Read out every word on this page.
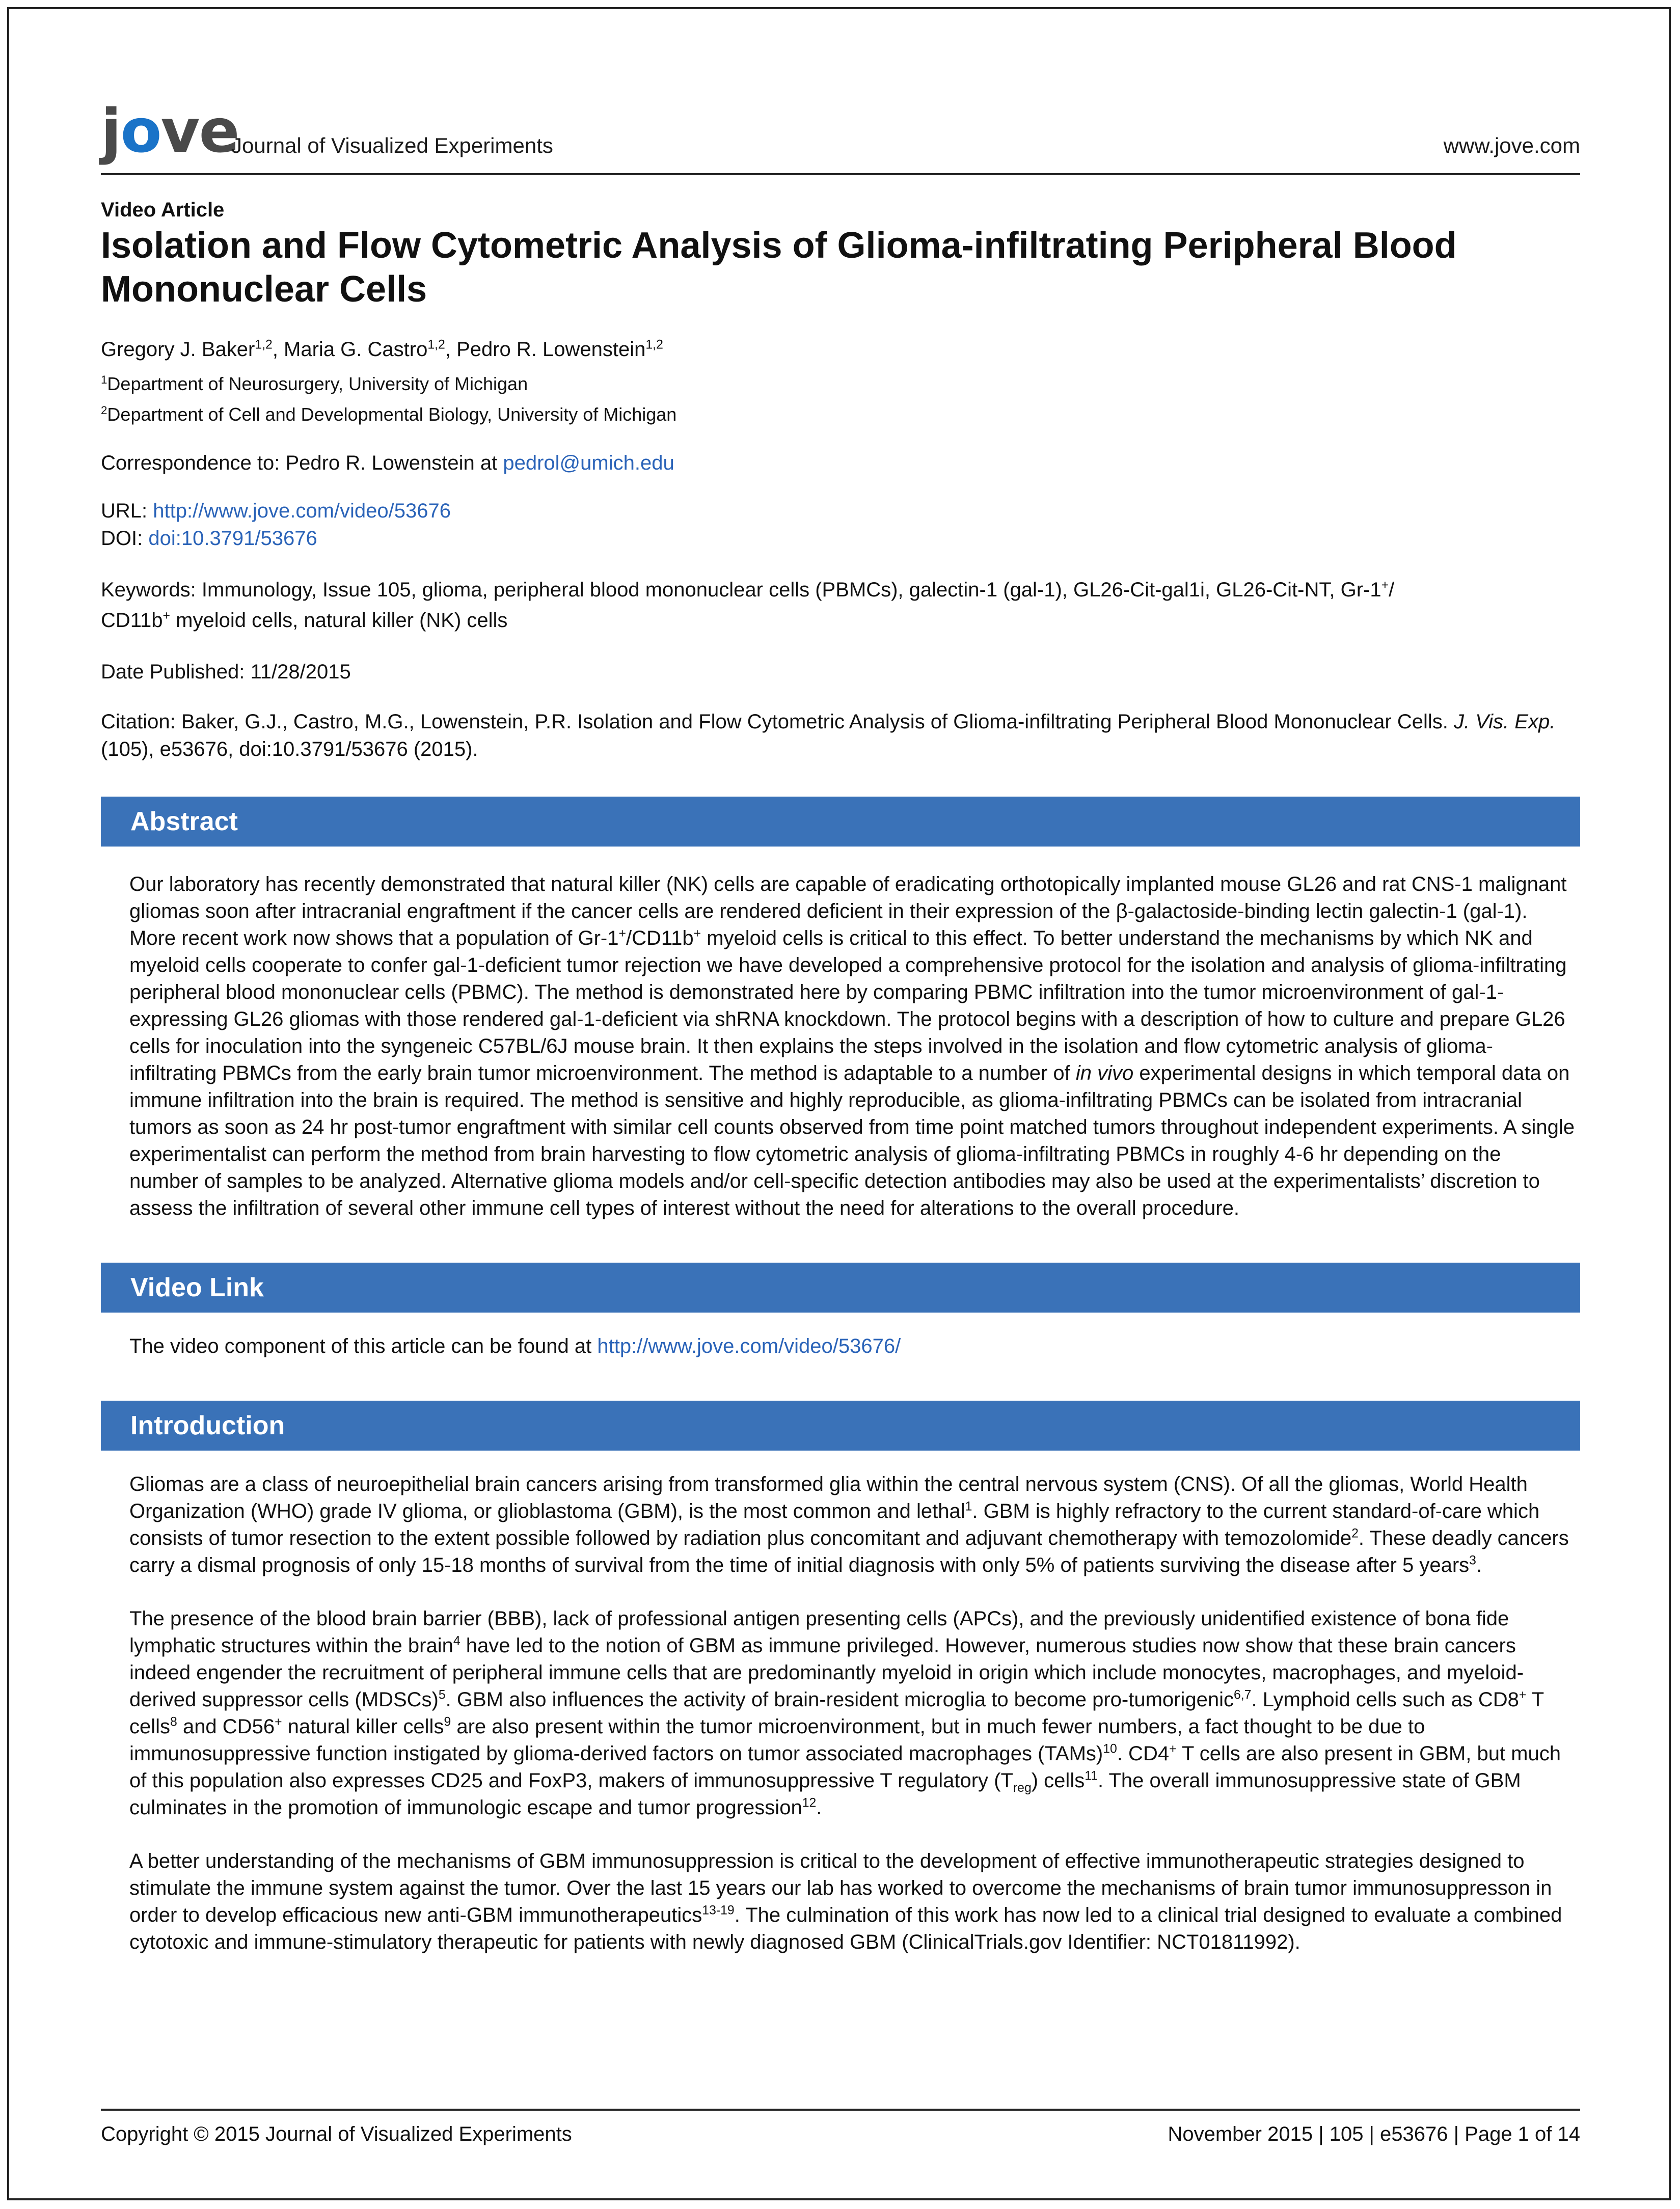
jove
Journal of Visualized Experiments	www.jove.com
Video Article
Isolation and Flow Cytometric Analysis of Glioma-infiltrating Peripheral Blood
Mononuclear Cells
Gregory J. Baker$^{1,2}$, Maria G. Castro$^{1,2}$, Pedro R. Lowenstein$^{1,2}$
$^1$Department of Neurosurgery, University of Michigan
$^2$Department of Cell and Developmental Biology, University of Michigan
Correspondence to: Pedro R. Lowenstein at pedrol@umich.edu
URL: http://www.jove.com/video/53676
DOI: doi:10.3791/53676
Keywords: Immunology, Issue 105, glioma, peripheral blood mononuclear cells (PBMCs), galectin-1 (gal-1), GL26-Cit-gal1i, GL26-Cit-NT, Gr-1+/
CD11b+ myeloid cells, natural killer (NK) cells
Date Published: 11/28/2015
Citation: Baker, G.J., Castro, M.G., Lowenstein, P.R. Isolation and Flow Cytometric Analysis of Glioma-infiltrating Peripheral Blood Mononuclear Cells. J. Vis. Exp. (105), e53676, doi:10.3791/53676 (2015).
Abstract

Our laboratory has recently demonstrated that natural killer (NK) cells are capable of eradicating orthotopically implanted mouse GL26 and rat CNS-1 malignant gliomas soon after intracranial engraftment if the cancer cells are rendered deficient in their expression of the β-galactoside-binding lectin galectin-1 (gal-1). More recent work now shows that a population of Gr-1+/CD11b+ myeloid cells is critical to this effect. To better understand the mechanisms by which NK and myeloid cells cooperate to confer gal-1-deficient tumor rejection we have developed a comprehensive protocol for the isolation and analysis of glioma-infiltrating peripheral blood mononuclear cells (PBMC). The method is demonstrated here by comparing PBMC infiltration into the tumor microenvironment of gal-1-expressing GL26 gliomas with those rendered gal-1-deficient via shRNA knockdown. The protocol begins with a description of how to culture and prepare GL26 cells for inoculation into the syngeneic C57BL/6J mouse brain. It then explains the steps involved in the isolation and flow cytometric analysis of glioma-infiltrating PBMCs from the early brain tumor microenvironment. The method is adaptable to a number of in vivo experimental designs in which temporal data on immune infiltration into the brain is required. The method is sensitive and highly reproducible, as glioma-infiltrating PBMCs can be isolated from intracranial tumors as soon as 24 hr post-tumor engraftment with similar cell counts observed from time point matched tumors throughout independent experiments. A single experimentalist can perform the method from brain harvesting to flow cytometric analysis of glioma-infiltrating PBMCs in roughly 4-6 hr depending on the number of samples to be analyzed. Alternative glioma models and/or cell-specific detection antibodies may also be used at the experimentalists’ discretion to assess the infiltration of several other immune cell types of interest without the need for alterations to the overall procedure.

Video Link

The video component of this article can be found at http://www.jove.com/video/53676/

Introduction

Gliomas are a class of neuroepithelial brain cancers arising from transformed glia within the central nervous system (CNS). Of all the gliomas, World Health Organization (WHO) grade IV glioma, or glioblastoma (GBM), is the most common and lethal$^1$. GBM is highly refractory to the current standard-of-care which consists of tumor resection to the extent possible followed by radiation plus concomitant and adjuvant chemotherapy with temozolomide$^2$. These deadly cancers carry a dismal prognosis of only 15-18 months of survival from the time of initial diagnosis with only 5% of patients surviving the disease after 5 years$^3$.

The presence of the blood brain barrier (BBB), lack of professional antigen presenting cells (APCs), and the previously unidentified existence of bona fide lymphatic structures within the brain$^4$ have led to the notion of GBM as immune privileged. However, numerous studies now show that these brain cancers indeed engender the recruitment of peripheral immune cells that are predominantly myeloid in origin which include monocytes, macrophages, and myeloid-derived suppressor cells (MDSCs)$^5$. GBM also influences the activity of brain-resident microglia to become pro-tumorigenic$^{6,7}$. Lymphoid cells such as CD8+ T cells$^8$ and CD56+ natural killer cells$^9$ are also present within the tumor microenvironment, but in much fewer numbers, a fact thought to be due to immunosuppressive function instigated by glioma-derived factors on tumor associated macrophages (TAMs)$^{10}$. CD4+ T cells are also present in GBM, but much of this population also expresses CD25 and FoxP3, makers of immunosuppressive T regulatory $(T_{reg})$ cells$^{11}$. The overall immunosuppressive state of GBM culminates in the promotion of immunologic escape and tumor progression$^{12}$.

A better understanding of the mechanisms of GBM immunosuppression is critical to the development of effective immunotherapeutic strategies designed to stimulate the immune system against the tumor. Over the last 15 years our lab has worked to overcome the mechanisms of brain tumor immunosuppresson in order to develop efficacious new anti-GBM immunotherapeutics$^{13-19}$. The culmination of this work has now led to a clinical trial designed to evaluate a combined cytotoxic and immune-stimulatory therapeutic for patients with newly diagnosed GBM (ClinicalTrials.gov Identifier: NCT01811992).

Copyright © 2015 Journal of Visualized Experiments	November 2015 | 105 | e53676 | Page 1 of 14
